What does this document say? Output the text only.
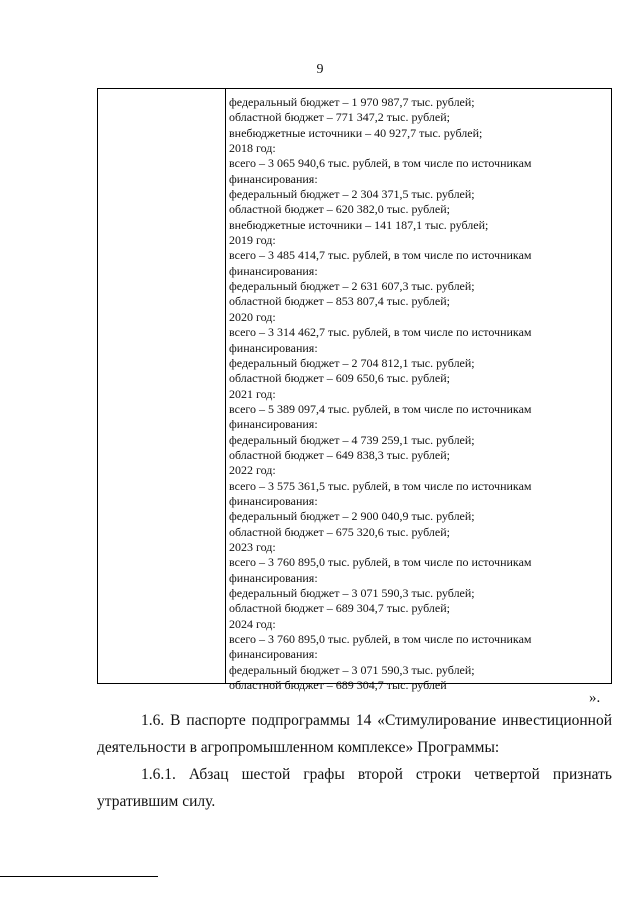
9
федеральный бюджет – 1 970 987,7 тыс. рублей;
областной бюджет – 771 347,2 тыс. рублей;
внебюджетные источники – 40 927,7 тыс. рублей;
2018 год:
всего – 3 065 940,6 тыс. рублей, в том числе по источникам
финансирования:
федеральный бюджет – 2 304 371,5 тыс. рублей;
областной бюджет – 620 382,0 тыс. рублей;
внебюджетные источники – 141 187,1 тыс. рублей;
2019 год:
всего – 3 485 414,7 тыс. рублей, в том числе по источникам
финансирования:
федеральный бюджет – 2 631 607,3 тыс. рублей;
областной бюджет – 853 807,4 тыс. рублей;
2020 год:
всего – 3 314 462,7 тыс. рублей, в том числе по источникам
финансирования:
федеральный бюджет – 2 704 812,1 тыс. рублей;
областной бюджет – 609 650,6 тыс. рублей;
2021 год:
всего – 5 389 097,4 тыс. рублей, в том числе по источникам
финансирования:
федеральный бюджет – 4 739 259,1 тыс. рублей;
областной бюджет – 649 838,3 тыс. рублей;
2022 год:
всего – 3 575 361,5 тыс. рублей, в том числе по источникам
финансирования:
федеральный бюджет – 2 900 040,9 тыс. рублей;
областной бюджет – 675 320,6 тыс. рублей;
2023 год:
всего – 3 760 895,0 тыс. рублей, в том числе по источникам
финансирования:
федеральный бюджет – 3 071 590,3 тыс. рублей;
областной бюджет – 689 304,7 тыс. рублей;
2024 год:
всего – 3 760 895,0 тыс. рублей, в том числе по источникам
финансирования:
федеральный бюджет – 3 071 590,3 тыс. рублей;
областной бюджет – 689 304,7 тыс. рублей
».

1.6. В паспорте подпрограммы 14 «Стимулирование инвестиционной
деятельности в агропромышленном комплексе» Программы:

1.6.1. Абзац шестой графы второй строки четвертой признать
утратившим силу.
